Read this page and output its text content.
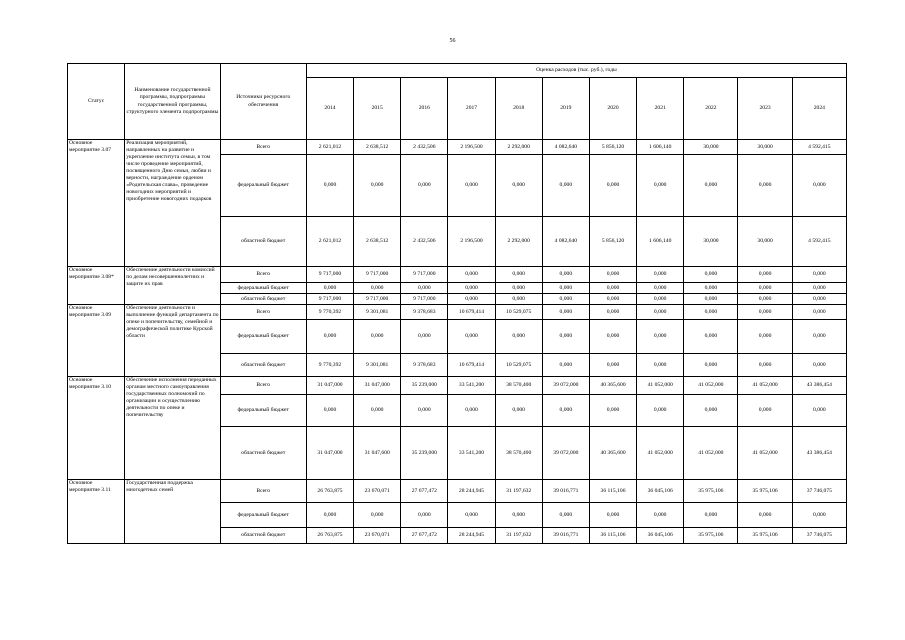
56
Статус	Наименование государственной программы, подпрограммы государственной программы, структурного элемента подпрограммы	Источники ресурсного обеспечения	Оценка расходов (тыс. руб.), годы										
			2014	2015	2016	2017	2018	2019	2020	2021	2022	2023	2024
Основное мероприятие 3.07	Реализация мероприятий, направленных на развитие и укрепление института семьи, в том числе проведение мероприятий, посвященного Дню семьи, любви и верности, награждение орденом «Родительская слава», проведение новогодних мероприятий и приобретение новогодних подарков	Всего	2 621,012	2 638,512	2 432,506	2 196,500	2 292,000	4 082,640	5 856,120	1 606,140	30,000	30,000	4 592,415
		федеральный бюджет	0,000	0,000	0,000	0,000	0,000	0,000	0,000	0,000	0,000	0,000	0,000
		областной бюджет	2 621,012	2 638,512	2 432,506	2 196,500	2 292,000	4 082,640	5 856,120	1 606,140	30,000	30,000	4 592,415
Основное мероприятие 3.08*	Обеспечение деятельности комиссий по делам несовершеннолетних и защите их прав	Всего	9 717,000	9 717,000	9 717,000	0,000	0,000	0,000	0,000	0,000	0,000	0,000	0,000
		федеральный бюджет	0,000	0,000	0,000	0,000	0,000	0,000	0,000	0,000	0,000	0,000	0,000
		областной бюджет	9 717,000	9 717,000	9 717,000	0,000	0,000	0,000	0,000	0,000	0,000	0,000	0,000
Основное мероприятие 3.09	Обеспечение деятельности и выполнение функций департамента по опеке и попечительству, семейной и демографической политике Курской области	Всего	9 770,392	9 301,081	9 378,683	10 679,414	10 529,075	0,000	0,000	0,000	0,000	0,000	0,000
		федеральный бюджет	0,000	0,000	0,000	0,000	0,000	0,000	0,000	0,000	0,000	0,000	0,000
		областной бюджет	9 770,392	9 301,081	9 378,683	10 679,414	10 529,075	0,000	0,000	0,000	0,000	0,000	0,000
Основное мероприятие 3.10	Обеспечение исполнения переданных органам местного самоуправления государственных полномочий по организации и осуществлению деятельности по опеке и попечительству	Всего	31 047,000	31 047,000	35 239,000	33 541,200	38 570,400	39 072,000	40 365,600	41 052,000	41 052,000	41 052,000	43 386,454
		федеральный бюджет	0,000	0,000	0,000	0,000	0,000	0,000	0,000	0,000	0,000	0,000	0,000
		областной бюджет	31 047,000	31 047,600	35 239,000	33 541,200	38 570,400	39 072,000	40 365,600	41 052,000	41 052,000	41 052,000	43 386,454
Основное мероприятие 3.11	Государственная поддержка многодетных семей	Всего	26 763,875	23 670,071	27 677,472	28 244,945	31 197,632	39 016,771	36 115,106	36 045,106	35 975,106	35 975,106	37 746,075
		федеральный бюджет	0,000	0,000	0,000	0,000	0,000	0,000	0,000	0,000	0,000	0,000	0,000
		областной бюджет	26 763,875	23 670,071	27 677,472	28 244,945	31 197,632	39 016,771	36 115,106	36 045,106	35 975,106	35 975,106	37 746,075
